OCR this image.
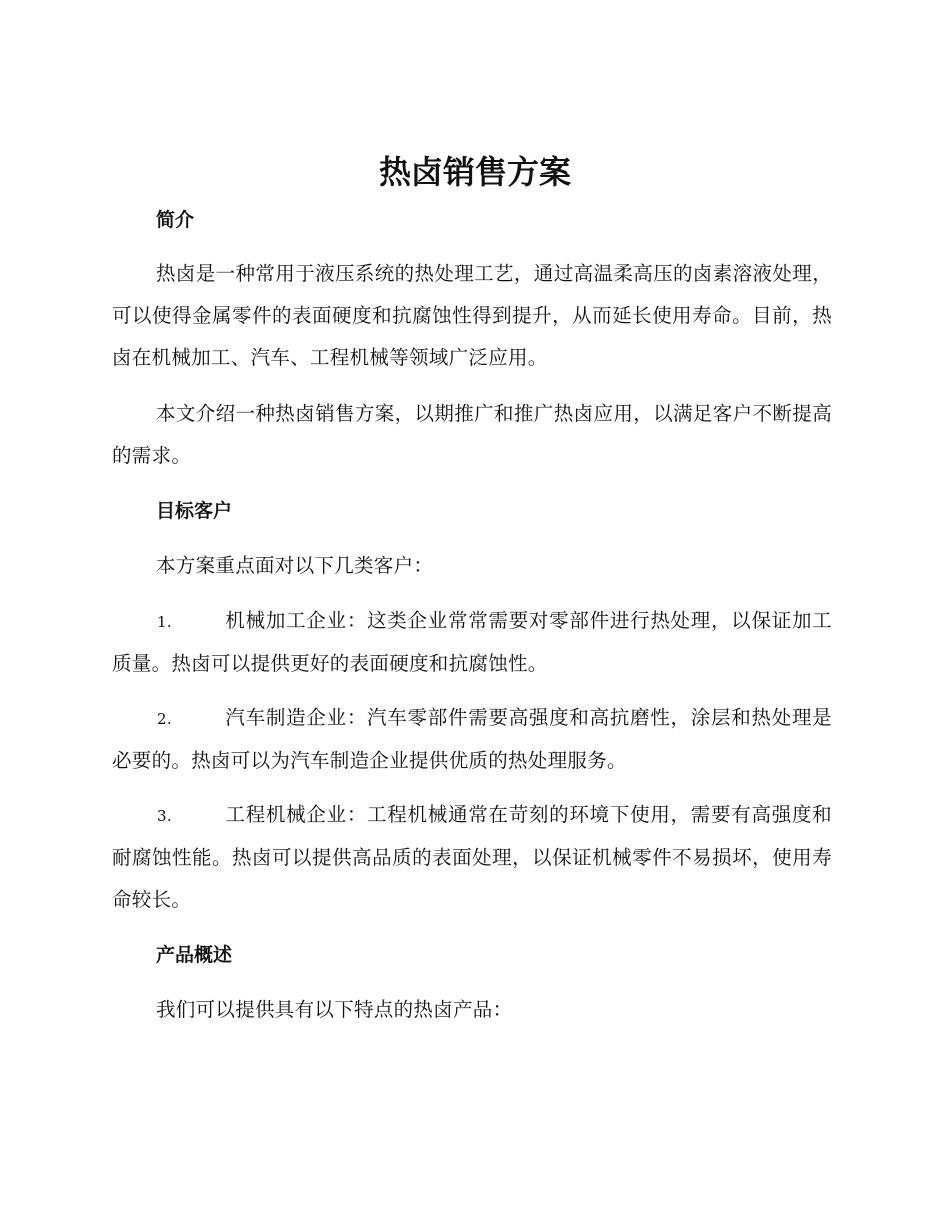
热卤销售方案
简介

热卤是一种常用于液压系统的热处理工艺，通过高温柔高压的卤素溶液处理，可以使得金属零件的表面硬度和抗腐蚀性得到提升，从而延长使用寿命。目前，热卤在机械加工、汽车、工程机械等领域广泛应用。

本文介绍一种热卤销售方案，以期推广和推广热卤应用，以满足客户不断提高的需求。

目标客户

本方案重点面对以下几类客户：

1.	机械加工企业：这类企业常常需要对零部件进行热处理，以保证加工质量。热卤可以提供更好的表面硬度和抗腐蚀性。

2.	汽车制造企业：汽车零部件需要高强度和高抗磨性，涂层和热处理是必要的。热卤可以为汽车制造企业提供优质的热处理服务。

3.	工程机械企业：工程机械通常在苛刻的环境下使用，需要有高强度和耐腐蚀性能。热卤可以提供高品质的表面处理，以保证机械零件不易损坏，使用寿命较长。

产品概述

我们可以提供具有以下特点的热卤产品：
